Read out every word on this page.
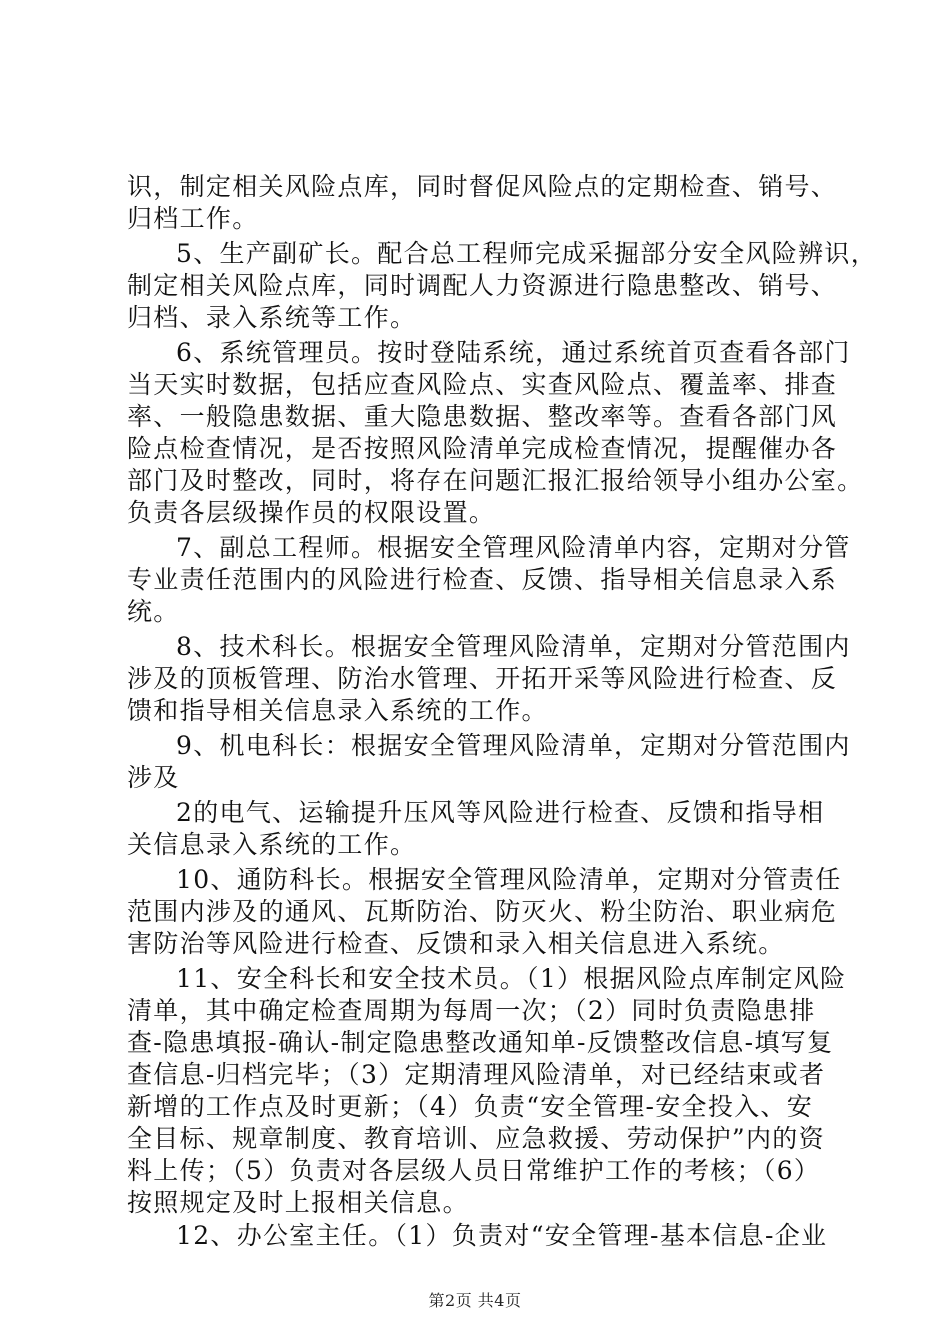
识，制定相关风险点库，同时督促风险点的定期检查、销号、
归档工作。
5、生产副矿长。配合总工程师完成采掘部分安全风险辨识，
制定相关风险点库，同时调配人力资源进行隐患整改、销号、
归档、录入系统等工作。
6、系统管理员。按时登陆系统，通过系统首页查看各部门
当天实时数据，包括应查风险点、实查风险点、覆盖率、排查
率、一般隐患数据、重大隐患数据、整改率等。查看各部门风
险点检查情况，是否按照风险清单完成检查情况，提醒催办各
部门及时整改，同时，将存在问题汇报汇报给领导小组办公室。
负责各层级操作员的权限设置。
7、副总工程师。根据安全管理风险清单内容，定期对分管
专业责任范围内的风险进行检查、反馈、指导相关信息录入系
统。
8、技术科长。根据安全管理风险清单，定期对分管范围内
涉及的顶板管理、防治水管理、开拓开采等风险进行检查、反
馈和指导相关信息录入系统的工作。
9、机电科长：根据安全管理风险清单，定期对分管范围内
涉及
2的电气、运输提升压风等风险进行检查、反馈和指导相
关信息录入系统的工作。
10、通防科长。根据安全管理风险清单，定期对分管责任
范围内涉及的通风、瓦斯防治、防灭火、粉尘防治、职业病危
害防治等风险进行检查、反馈和录入相关信息进入系统。
11、安全科长和安全技术员。（1）根据风险点库制定风险
清单，其中确定检查周期为每周一次；（2）同时负责隐患排
查-隐患填报-确认-制定隐患整改通知单-反馈整改信息-填写复
查信息-归档完毕；（3）定期清理风险清单，对已经结束或者
新增的工作点及时更新；（4）负责“安全管理-安全投入、安
全目标、规章制度、教育培训、应急救援、劳动保护”内的资
料上传；（5）负责对各层级人员日常维护工作的考核；（6）
按照规定及时上报相关信息。
12、办公室主任。（1）负责对“安全管理-基本信息-企业
第2页 共4页
